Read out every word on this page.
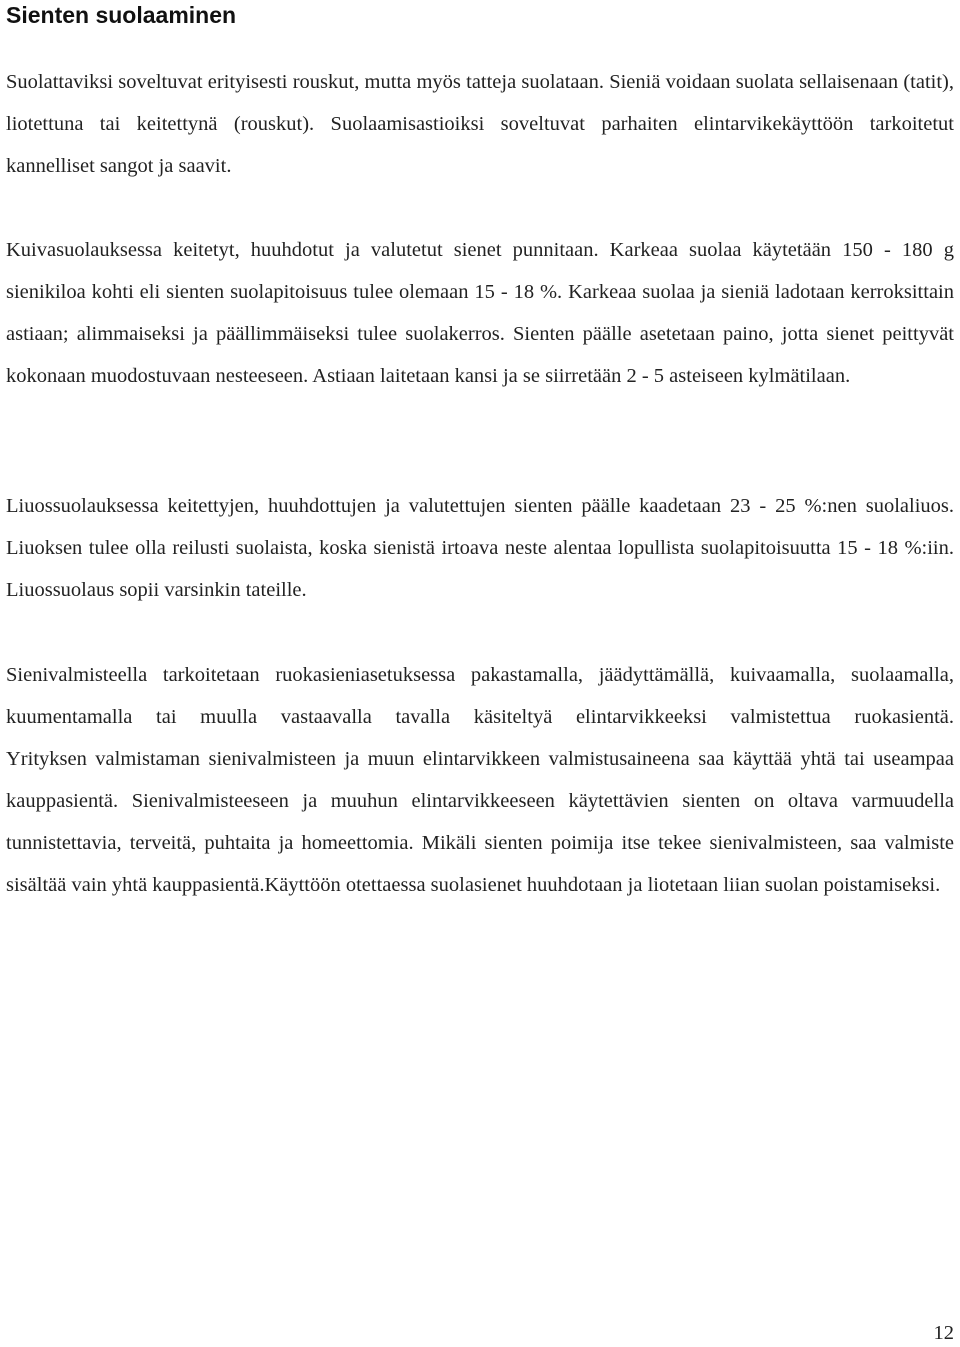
Sienten suolaaminen

Suolattaviksi soveltuvat erityisesti rouskut, mutta myös tatteja suolataan. Sieniä voidaan suolata sellaisenaan (tatit), liotettuna tai keitettynä (rouskut). Suolaamisastioiksi soveltuvat parhaiten elintarvikekäyttöön tarkoitetut kannelliset sangot ja saavit.

Kuivasuolauksessa keitetyt, huuhdotut ja valutetut sienet punnitaan. Karkeaa suolaa käytetään 150 - 180 g sienikiloa kohti eli sienten suolapitoisuus tulee olemaan 15 - 18 %. Karkeaa suolaa ja sieniä ladotaan kerroksittain astiaan; alimmaiseksi ja päällimmäiseksi tulee suolakerros. Sienten päälle asetetaan paino, jotta sienet peittyvät kokonaan muodostuvaan nesteeseen. Astiaan laitetaan kansi ja se siirretään 2 - 5 asteiseen kylmätilaan.

Liuossuolauksessa keitettyjen, huuhdottujen ja valutettujen sienten päälle kaadetaan 23 - 25 %:nen suolaliuos. Liuoksen tulee olla reilusti suolaista, koska sienistä irtoava neste alentaa lopullista suolapitoisuutta 15 - 18 %:iin. Liuossuolaus sopii varsinkin tateille.

Sienivalmisteella tarkoitetaan ruokasieniasetuksessa pakastamalla, jäädyttämällä, kuivaamalla, suolaamalla, kuumentamalla tai muulla vastaavalla tavalla käsiteltyä elintarvikkeeksi valmistettua ruokasientä.
Yrityksen valmistaman sienivalmisteen ja muun elintarvikkeen valmistusaineena saa käyttää yhtä tai useampaa kauppasientä. Sienivalmisteeseen ja muuhun elintarvikkeeseen käytettävien sienten on oltava varmuudella tunnistettavia, terveitä, puhtaita ja homeettomia. Mikäli sienten poimija itse tekee sienivalmisteen, saa valmiste sisältää vain yhtä kauppasientä.Käyttöön otettaessa suolasienet huuhdotaan ja liotetaan liian suolan poistamiseksi.
12
